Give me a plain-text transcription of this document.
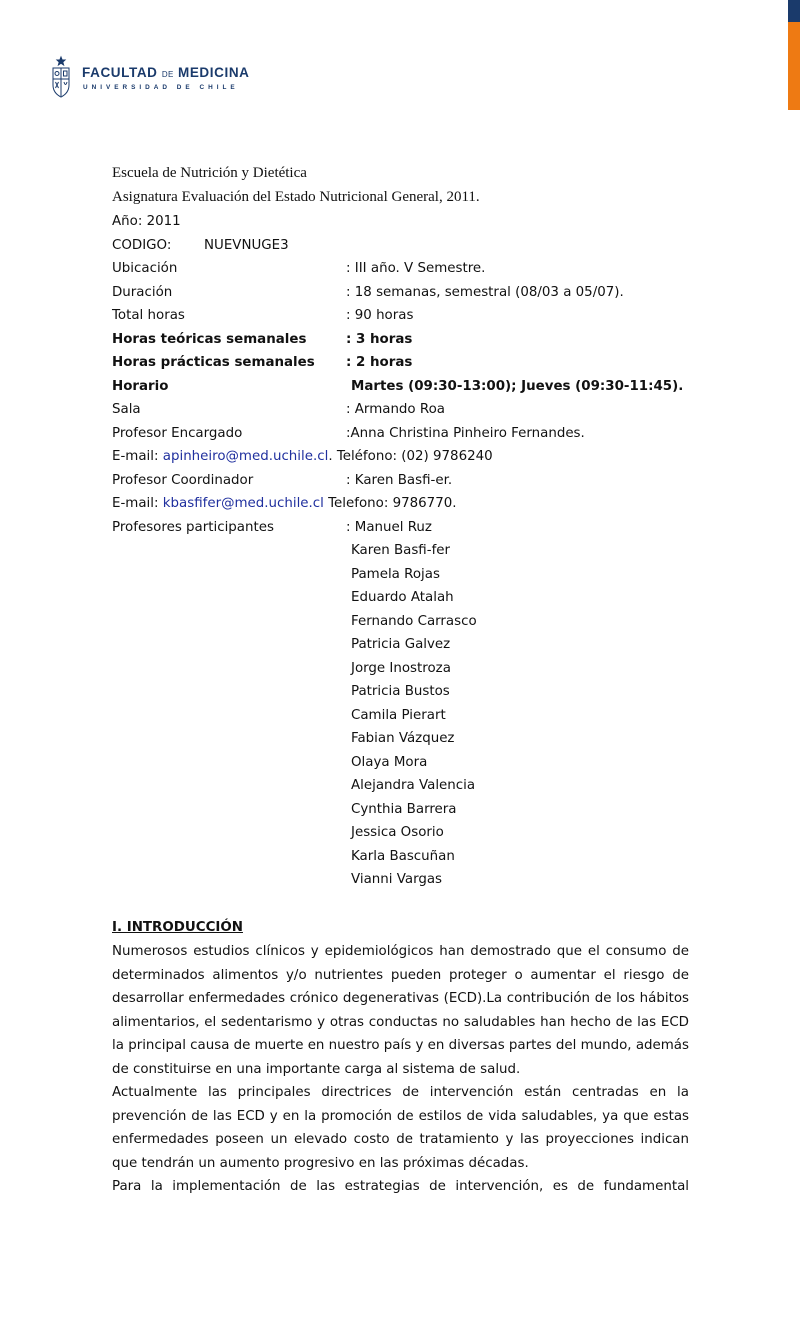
FACULTAD DE MEDICINA
UNIVERSIDAD DE CHILE
Escuela de Nutrición y Dietética
Asignatura Evaluación del Estado Nutricional General, 2011.
Año: 2011
CODIGO: NUEVNUGE3
Ubicación	: III año. V Semestre.
Duración	: 18 semanas, semestral (08/03 a 05/07).
Total horas	: 90 horas
Horas teóricas semanales	: 3 horas
Horas prácticas semanales : 2 horas
Horario	Martes (09:30-13:00); Jueves (09:30-11:45).
Sala	: Armando Roa
Profesor Encargado	:Anna Christina Pinheiro Fernandes.
E-mail: apinheiro@med.uchile.cl. Teléfono: (02) 9786240
Profesor Coordinador	: Karen Basfi-er.
E-mail: kbasfifer@med.uchile.cl Telefono: 9786770.
Profesores participantes	: Manuel Ruz
Karen Basfi-fer
Pamela Rojas
Eduardo Atalah
Fernando Carrasco
Patricia Galvez
Jorge Inostroza
Patricia Bustos
Camila Pierart
Fabian Vázquez
Olaya Mora
Alejandra Valencia
Cynthia Barrera
Jessica Osorio
Karla Bascuñan
Vianni Vargas
I. INTRODUCCIÓN
Numerosos estudios clínicos y epidemiológicos han demostrado que el consumo de determinados alimentos y/o nutrientes pueden proteger o aumentar el riesgo de desarrollar enfermedades crónico degenerativas (ECD).La contribución de los hábitos alimentarios, el sedentarismo y otras conductas no saludables han hecho de las ECD la principal causa de muerte en nuestro país y en diversas partes del mundo, además de constituirse en una importante carga al sistema de salud.
Actualmente las principales directrices de intervención están centradas en la prevención de las ECD y en la promoción de estilos de vida saludables, ya que estas enfermedades poseen un elevado costo de tratamiento y las proyecciones indican que tendrán un aumento progresivo en las próximas décadas.
Para la implementación de las estrategias de intervención, es de fundamental
